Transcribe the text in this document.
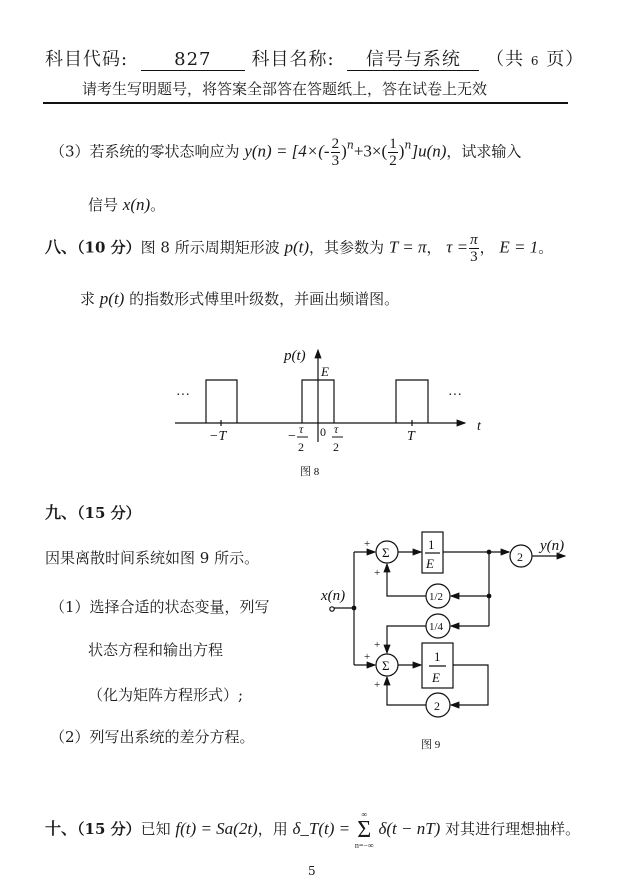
科目代码:	827 科目名称: 信号与系统 （共 6 页）
请考生写明题号，将答案全部答在答题纸上，答在试卷上无效
（3）若系统的零状态响应为 $y(n) = [4\times(- \frac{2}{3} )^n+3\times( \frac{1}{2} )^n]u(n)$，试求输入
信号 x(n)。
八、（10 分）图 8 所示周期矩形波 p(t)，其参数为 T = π， $\tau = \frac{\pi}{3}$ ， E = 1。
求 p(t) 的指数形式傅里叶级数，并画出频谱图。
p(t)
t
E
···	···
−T	T
0
− τ
2
τ
2
图 8
x(n)
y(n)
Σ
Σ
+
+
+
+
+
1
E
1
E
2
1/2
1/4
2
图 9
九、（15 分）
因果离散时间系统如图 9 所示。
（1）选择合适的状态变量，列写
状态方程和输出方程
（化为矩阵方程形式）;
（2）列写出系统的差分方程。
十、（15 分）已知 f(t) = Sa(2t)，用 δ_T(t) =
∞
Σ
n=−∞
δ(t − nT) 对其进行理想抽样。
5
